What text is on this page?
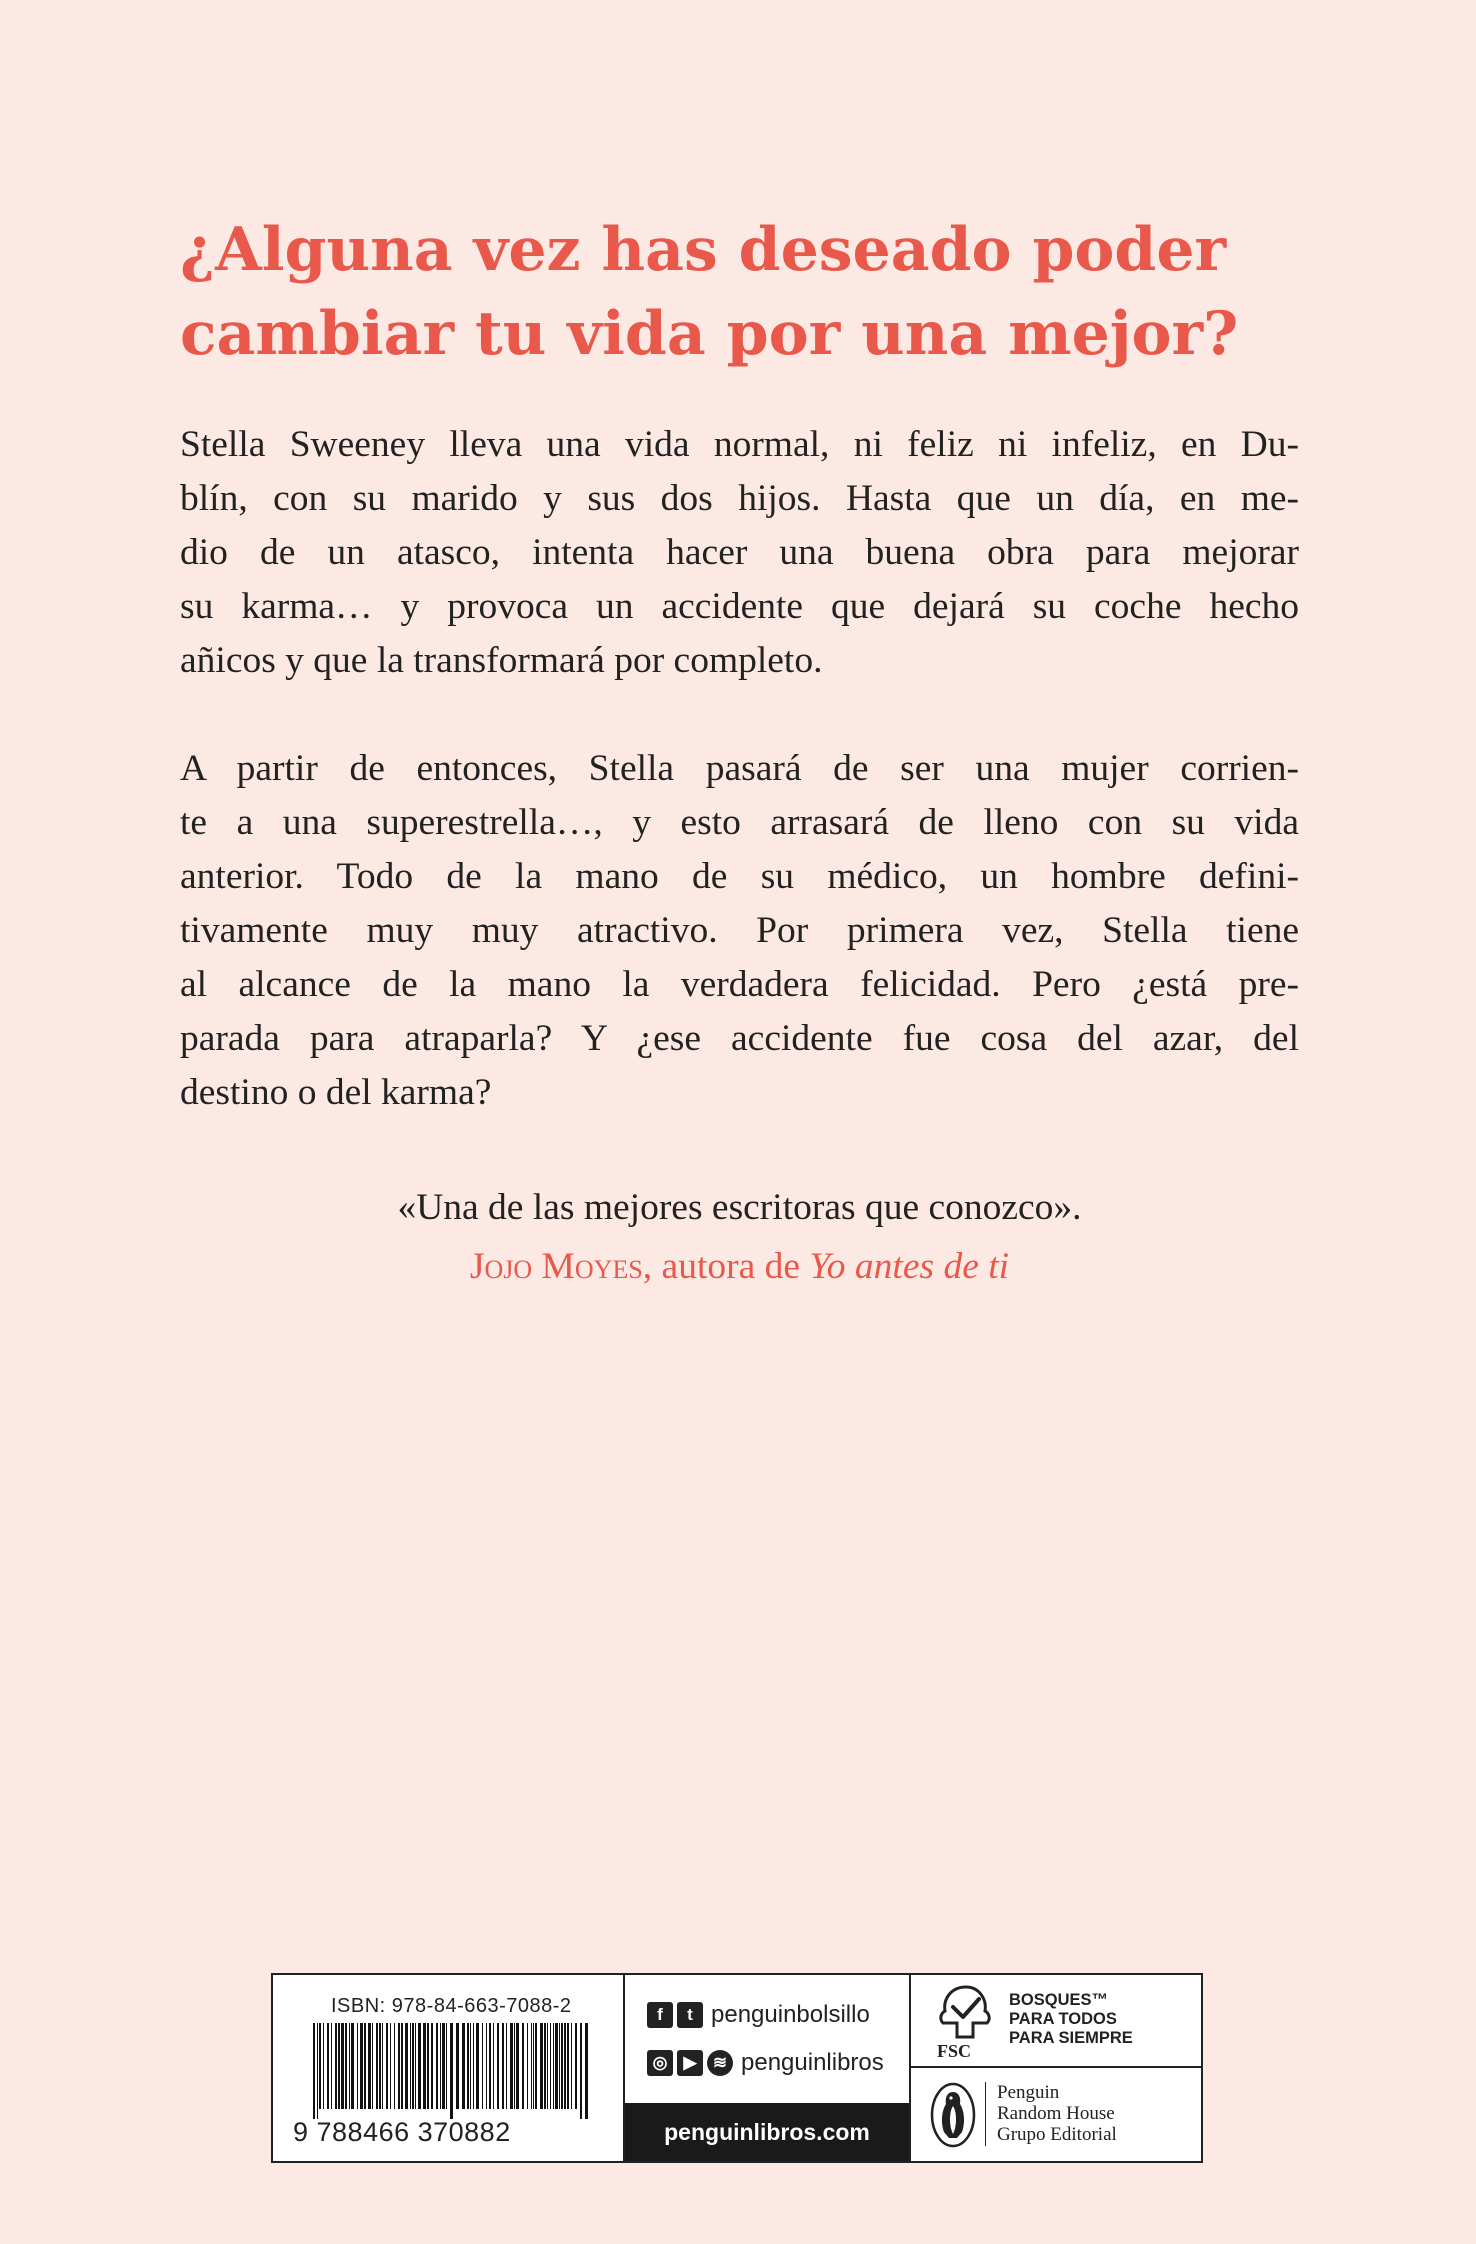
¿Alguna vez has deseado poder
cambiar tu vida por una mejor?

Stella Sweeney lleva una vida normal, ni feliz ni infeliz, en Du-
blín, con su marido y sus dos hijos. Hasta que un día, en me-
dio de un atasco, intenta hacer una buena obra para mejorar
su karma… y provoca un accidente que dejará su coche hecho
añicos y que la transformará por completo.

A partir de entonces, Stella pasará de ser una mujer corrien-
te a una superestrella…, y esto arrasará de lleno con su vida
anterior. Todo de la mano de su médico, un hombre defini-
tivamente muy muy atractivo. Por primera vez, Stella tiene
al alcance de la mano la verdadera felicidad. Pero ¿está pre-
parada para atraparla? Y ¿ese accidente fue cosa del azar, del
destino o del karma?

«Una de las mejores escritoras que conozco».
Jojo Moyes, autora de Yo antes de ti
ISBN: 978-84-663-7088-2
9 788466 370882
f	t penguinbolsillo
◎ ▶ ≋ penguinlibros
penguinlibros.com
FSC
BOSQUES™
PARA TODOS
PARA SIEMPRE
Penguin
Random House
Grupo Editorial
